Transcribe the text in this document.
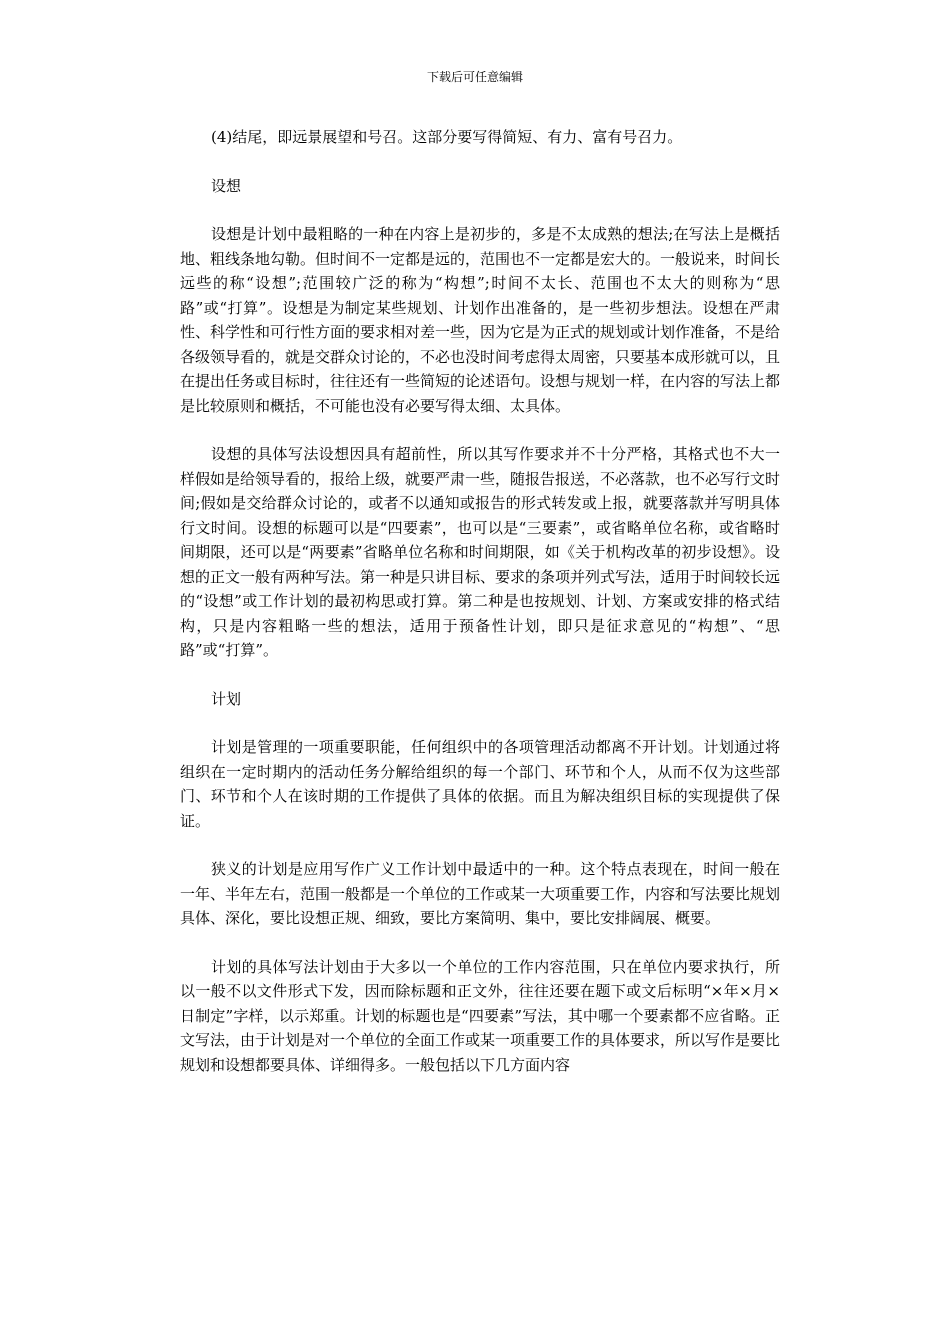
下载后可任意编辑

(4)结尾，即远景展望和号召。这部分要写得简短、有力、富有号召力。

设想

设想是计划中最粗略的一种在内容上是初步的，多是不太成熟的想法;在写法上是概括地、粗线条地勾勒。但时间不一定都是远的，范围也不一定都是宏大的。一般说来，时间长远些的称“设想”;范围较广泛的称为“构想”;时间不太长、范围也不太大的则称为“思路”或“打算”。设想是为制定某些规划、计划作出准备的，是一些初步想法。设想在严肃性、科学性和可行性方面的要求相对差一些，因为它是为正式的规划或计划作准备，不是给各级领导看的，就是交群众讨论的，不必也没时间考虑得太周密，只要基本成形就可以，且在提出任务或目标时，往往还有一些简短的论述语句。设想与规划一样，在内容的写法上都是比较原则和概括，不可能也没有必要写得太细、太具体。

设想的具体写法设想因具有超前性，所以其写作要求并不十分严格，其格式也不大一样假如是给领导看的，报给上级，就要严肃一些，随报告报送，不必落款，也不必写行文时间;假如是交给群众讨论的，或者不以通知或报告的形式转发或上报，就要落款并写明具体行文时间。设想的标题可以是“四要素”，也可以是“三要素”，或省略单位名称，或省略时间期限，还可以是“两要素”省略单位名称和时间期限，如《关于机构改革的初步设想》。设想的正文一般有两种写法。第一种是只讲目标、要求的条项并列式写法，适用于时间较长远的“设想”或工作计划的最初构思或打算。第二种是也按规划、计划、方案或安排的格式结构，只是内容粗略一些的想法，适用于预备性计划，即只是征求意见的“构想”、“思路”或“打算”。

计划

计划是管理的一项重要职能，任何组织中的各项管理活动都离不开计划。计划通过将组织在一定时期内的活动任务分解给组织的每一个部门、环节和个人，从而不仅为这些部门、环节和个人在该时期的工作提供了具体的依据。而且为解决组织目标的实现提供了保证。

狭义的计划是应用写作广义工作计划中最适中的一种。这个特点表现在，时间一般在一年、半年左右，范围一般都是一个单位的工作或某一大项重要工作，内容和写法要比规划具体、深化，要比设想正规、细致，要比方案简明、集中，要比安排阔展、概要。

计划的具体写法计划由于大多以一个单位的工作内容范围，只在单位内要求执行，所以一般不以文件形式下发，因而除标题和正文外，往往还要在题下或文后标明“×年×月×日制定”字样，以示郑重。计划的标题也是“四要素”写法，其中哪一个要素都不应省略。正文写法，由于计划是对一个单位的全面工作或某一项重要工作的具体要求，所以写作是要比规划和设想都要具体、详细得多。一般包括以下几方面内容
